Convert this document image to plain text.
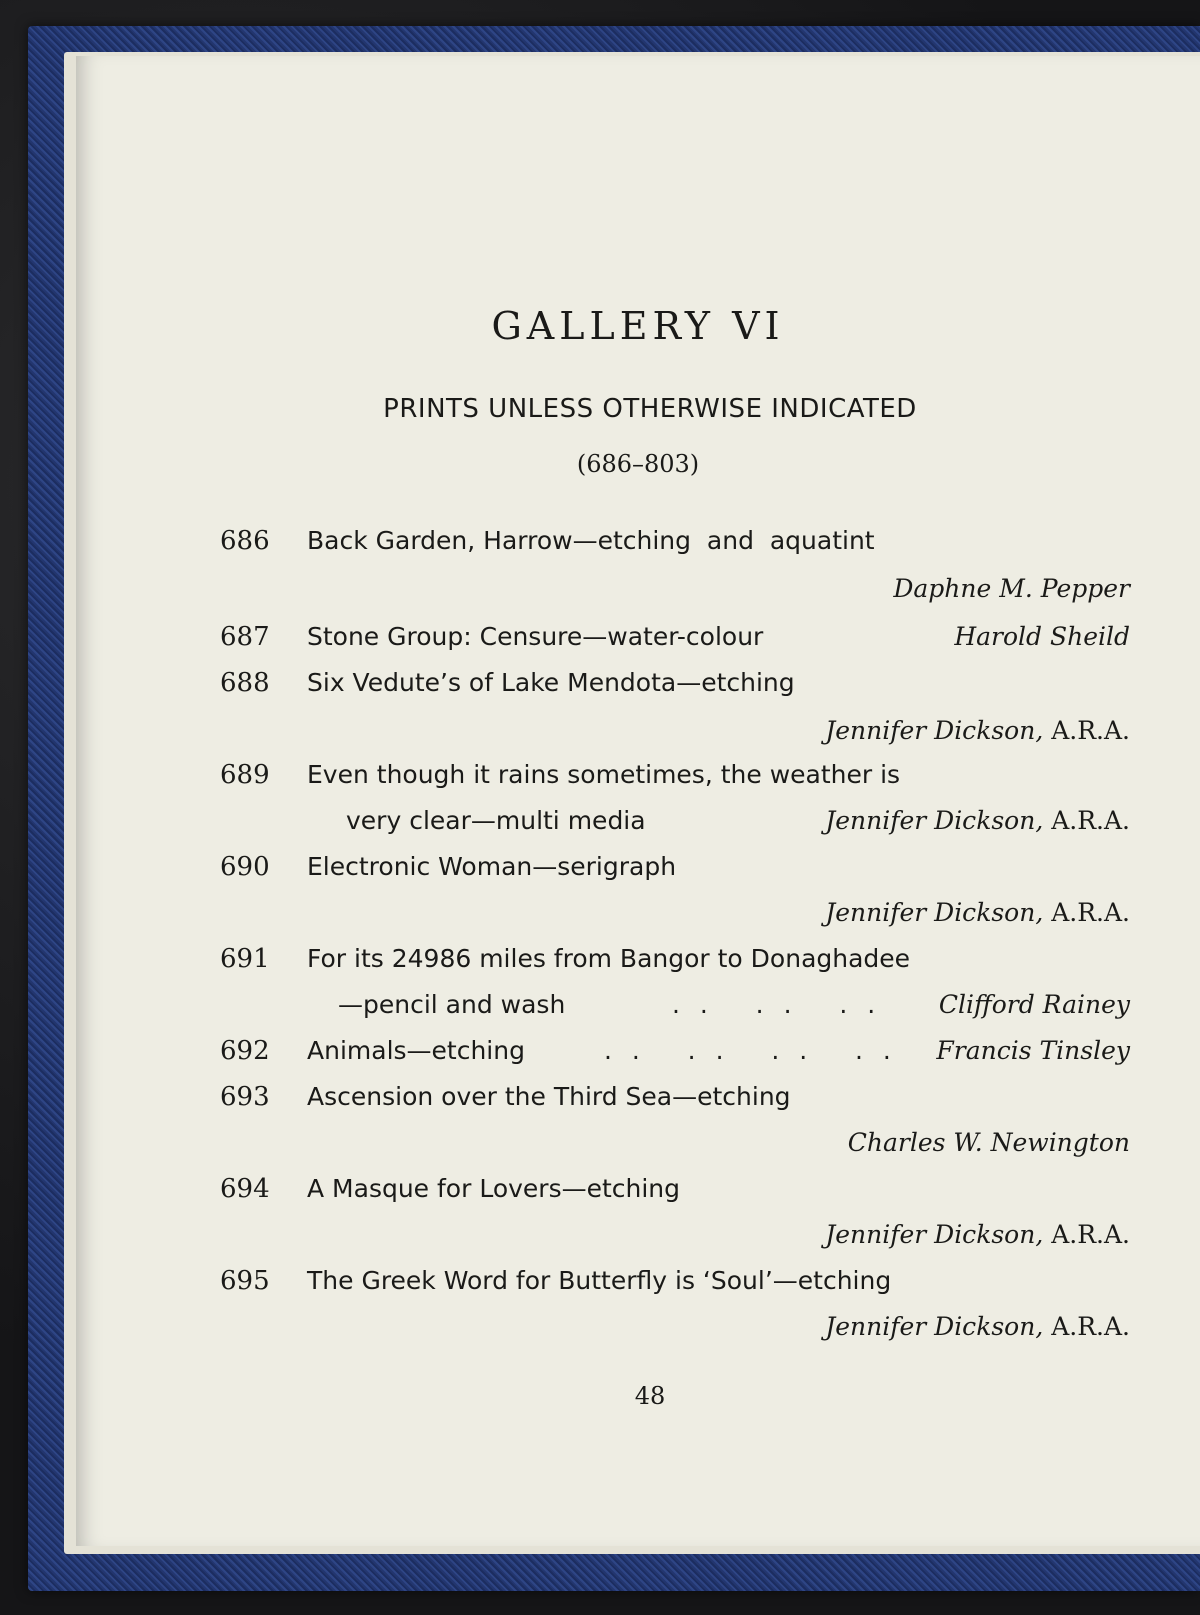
GALLERY VI
PRINTS UNLESS OTHERWISE INDICATED
(686–803)
686 Back Garden, Harrow—etching  and  aquatint
Daphne M. Pepper
687 Stone Group: Censure—water-colour	Harold Sheild
688 Six Vedute’s of Lake Mendota—etching
Jennifer Dickson, A.R.A.
689 Even though it rains sometimes, the weather is
very clear—multi media	Jennifer Dickson, A.R.A.
690 Electronic Woman—serigraph
Jennifer Dickson, A.R.A.
691 For its 24986 miles from Bangor to Donaghadee
—pencil and wash	. .   . .   . . Clifford Rainey
692 Animals—etching	. .   . .   . .   . . Francis Tinsley
693 Ascension over the Third Sea—etching
Charles W. Newington
694 A Masque for Lovers—etching
Jennifer Dickson, A.R.A.
695 The Greek Word for Butterfly is ‘Soul’—etching
Jennifer Dickson, A.R.A.
48
